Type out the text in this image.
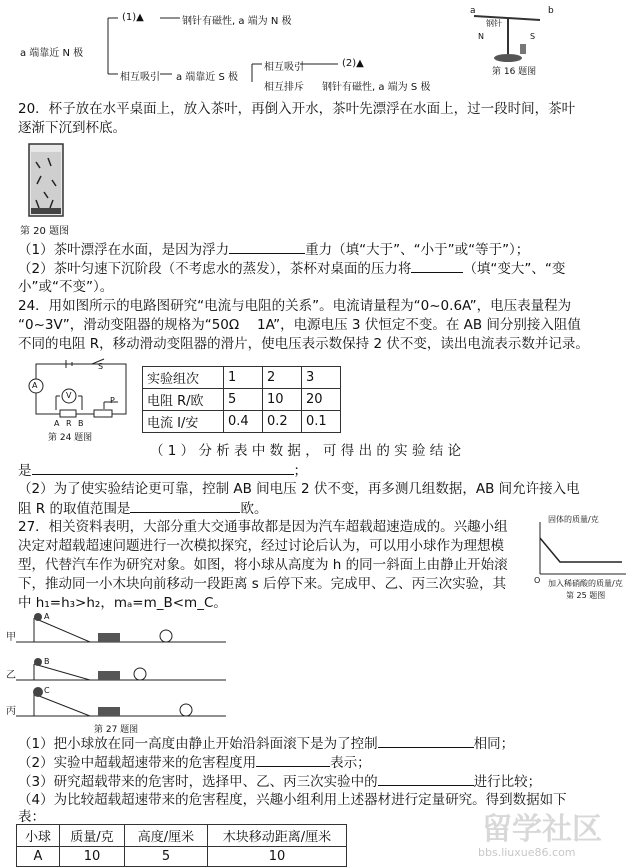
a 端靠近 N 极
(1)▲	钢针有磁性, a 端为 N 极
相互吸引 a 端靠近 S 极
相互吸引	(2)▲
相互排斥 钢针有磁性, a 端为 S 极
a	b
钢针
N	S
第 16 题图
20．杯子放在水平桌面上，放入茶叶，再倒入开水，茶叶先漂浮在水面上，过一段时间，茶叶
逐渐下沉到杯底。
第 20 题图
（1）茶叶漂浮在水面，是因为浮力	重力（填“大于”、“小于”或“等于”）；
（2）茶叶匀速下沉阶段（不考虑水的蒸发），茶杯对桌面的压力将	（填“变大”、“变
小”或“不变”）。
24．用如图所示的电路图研究“电流与电阻的关系”。电流请量程为“0~0.6A”，电压表量程为
“0~3V”，滑动变阻器的规格为“50Ω　 1A”，电源电压 3 伏恒定不变。在 AB 间分别接入阻值
不同的电阻 R，移动滑动变阻器的滑片，使电压表示数保持 2 伏不变，读出电流表示数并记录。
A
V
S
P
A R B
第 24 题图
实验组次	1	2	3
电阻 R/欧	5	10	20
电流 I/安	0.4	0.2	0.1
（ 1 ） 分 析 表 中 数 据 ， 可 得 出 的 实 验 结 论
是	；
（2）为了使实验结论更可靠，控制 AB 间电压 2 伏不变，再多测几组数据，AB 间允许接入电
阻 R 的取值范围是	欧。
固体的质量/克
O 加入稀硝酸的质量/克
第 25 题图
27．相关资料表明，大部分重大交通事故都是因为汽车超载超速造成的。兴趣小组
决定对超载超速问题进行一次模拟探究，经过讨论后认为，可以用小球作为理想模
型，代替汽车作为研究对象。如图，将小球从高度为 h 的同一斜面上由静止开始滚
下，推动同一小木块向前移动一段距离 s 后停下来。完成甲、乙、丙三次实验，其
中 h₁=h₃>h₂，mₐ=m_B<m_C。
甲
乙
丙
A
B
C
第 27 题图
（1）把小球放在同一高度由静止开始沿斜面滚下是为了控制	相同；
（2）实验中超载超速带来的危害程度用	表示；
（3）研究超载带来的危害时，选择甲、乙、丙三次实验中的	进行比较；
（4）为比较超载超速带来的危害程度，兴趣小组利用上述器材进行定量研究。得到数据如下
表：
小球	质量/克	高度/厘米	木块移动距离/厘米
A	10	5	10
留学社区
bbs.liuxue86.com
